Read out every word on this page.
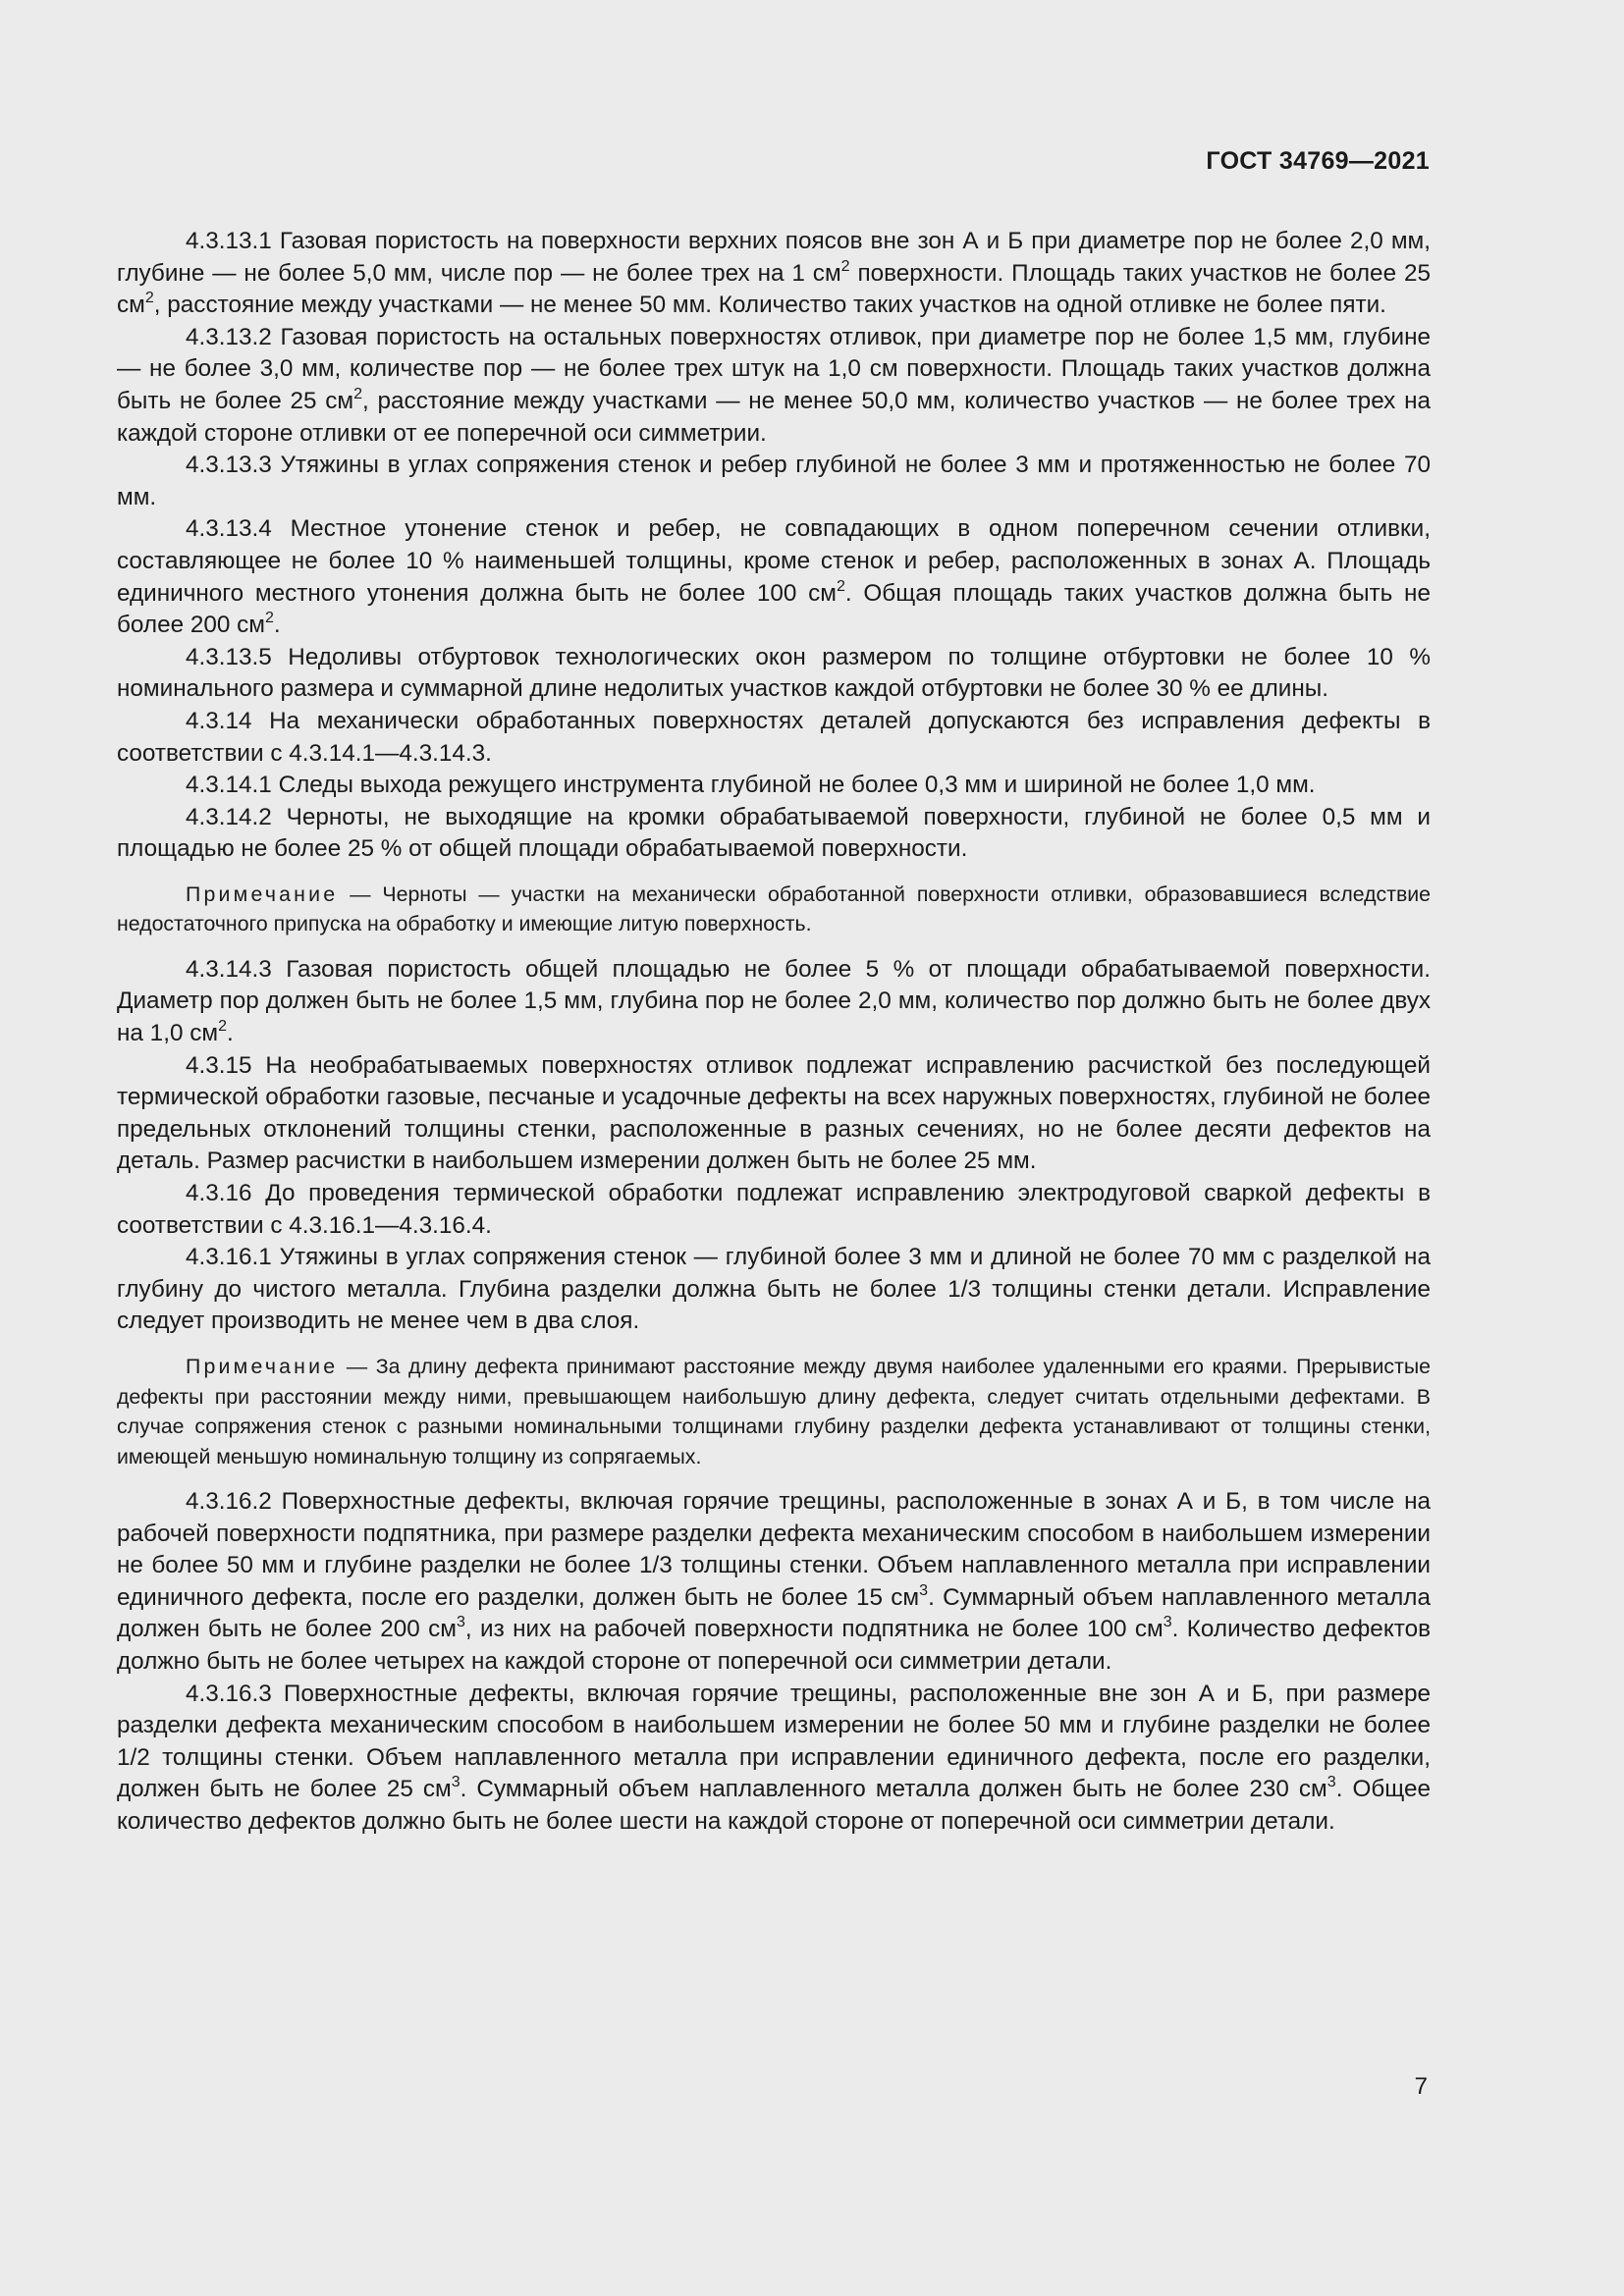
ГОСТ 34769—2021

4.3.13.1 Газовая пористость на поверхности верхних поясов вне зон А и Б при диаметре пор не более 2,0 мм, глубине — не более 5,0 мм, числе пор — не более трех на 1 $см^2$ поверхности. Площадь таких участков не более 25 $см^2$, расстояние между участками — не менее 50 мм. Количество таких участков на одной отливке не более пяти.

4.3.13.2 Газовая пористость на остальных поверхностях отливок, при диаметре пор не более 1,5 мм, глубине — не более 3,0 мм, количестве пор — не более трех штук на 1,0 см поверхности. Площадь таких участков должна быть не более 25 $см^2$, расстояние между участками — не менее 50,0 мм, количество участков — не более трех на каждой стороне отливки от ее поперечной оси симметрии.

4.3.13.3 Утяжины в углах сопряжения стенок и ребер глубиной не более 3 мм и протяженностью не более 70 мм.

4.3.13.4 Местное утонение стенок и ребер, не совпадающих в одном поперечном сечении отливки, составляющее не более 10 % наименьшей толщины, кроме стенок и ребер, расположенных в зонах А. Площадь единичного местного утонения должна быть не более 100 $см^2$. Общая площадь таких участков должна быть не более 200 $см^2$.

4.3.13.5 Недоливы отбуртовок технологических окон размером по толщине отбуртовки не более 10 % номинального размера и суммарной длине недолитых участков каждой отбуртовки не более 30 % ее длины.

4.3.14 На механически обработанных поверхностях деталей допускаются без исправления дефекты в соответствии с 4.3.14.1—4.3.14.3.

4.3.14.1 Следы выхода режущего инструмента глубиной не более 0,3 мм и шириной не более 1,0 мм.

4.3.14.2 Черноты, не выходящие на кромки обрабатываемой поверхности, глубиной не более 0,5 мм и площадью не более 25 % от общей площади обрабатываемой поверхности.

Примечание — Черноты — участки на механически обработанной поверхности отливки, образовавшиеся вследствие недостаточного припуска на обработку и имеющие литую поверхность.

4.3.14.3 Газовая пористость общей площадью не более 5 % от площади обрабатываемой поверхности. Диаметр пор должен быть не более 1,5 мм, глубина пор не более 2,0 мм, количество пор должно быть не более двух на 1,0 $см^2$.

4.3.15 На необрабатываемых поверхностях отливок подлежат исправлению расчисткой без последующей термической обработки газовые, песчаные и усадочные дефекты на всех наружных поверхностях, глубиной не более предельных отклонений толщины стенки, расположенные в разных сечениях, но не более десяти дефектов на деталь. Размер расчистки в наибольшем измерении должен быть не более 25 мм.

4.3.16 До проведения термической обработки подлежат исправлению электродуговой сваркой дефекты в соответствии с 4.3.16.1—4.3.16.4.

4.3.16.1 Утяжины в углах сопряжения стенок — глубиной более 3 мм и длиной не более 70 мм с разделкой на глубину до чистого металла. Глубина разделки должна быть не более 1/3 толщины стенки детали. Исправление следует производить не менее чем в два слоя.

Примечание — За длину дефекта принимают расстояние между двумя наиболее удаленными его краями. Прерывистые дефекты при расстоянии между ними, превышающем наибольшую длину дефекта, следует считать отдельными дефектами. В случае сопряжения стенок с разными номинальными толщинами глубину разделки дефекта устанавливают от толщины стенки, имеющей меньшую номинальную толщину из сопрягаемых.

4.3.16.2 Поверхностные дефекты, включая горячие трещины, расположенные в зонах А и Б, в том числе на рабочей поверхности подпятника, при размере разделки дефекта механическим способом в наибольшем измерении не более 50 мм и глубине разделки не более 1/3 толщины стенки. Объем наплавленного металла при исправлении единичного дефекта, после его разделки, должен быть не более 15 $см^3$. Суммарный объем наплавленного металла должен быть не более 200 $см^3$, из них на рабочей поверхности подпятника не более 100 $см^3$. Количество дефектов должно быть не более четырех на каждой стороне от поперечной оси симметрии детали.

4.3.16.3 Поверхностные дефекты, включая горячие трещины, расположенные вне зон А и Б, при размере разделки дефекта механическим способом в наибольшем измерении не более 50 мм и глубине разделки не более 1/2 толщины стенки. Объем наплавленного металла при исправлении единичного дефекта, после его разделки, должен быть не более 25 $см^3$. Суммарный объем наплавленного металла должен быть не более 230 $см^3$. Общее количество дефектов должно быть не более шести на каждой стороне от поперечной оси симметрии детали.

7
